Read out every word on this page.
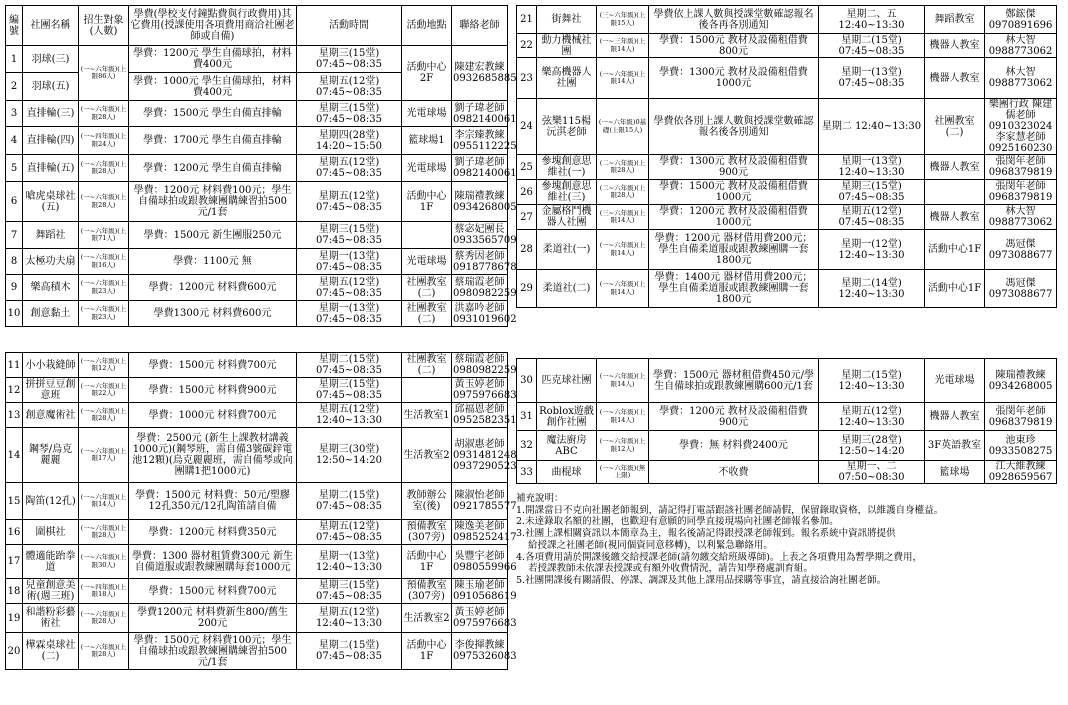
編號	社團名稱	招生對象(人數)	學費(學校支付鐘點費與行政費用)其它費用(授課使用各項費用商洽社團老師或自備)	活動時間	活動地點	聯絡老師
1	羽球(三)	(一~六年級)(上限86人)	學費：1200元 學生自備球拍，材料費400元	星期三(15堂) 07:45~08:35	活動中心2F	陳建宏教練 0932685885
2	羽球(五)		學費：1000元 學生自備球拍，材料費400元	星期五(12堂) 07:45~08:35		
3	直排輪(三)	(一~六年級)(上限28人)	學費：1500元 學生自備直排輪	星期三(15堂) 07:45~08:35	光電球場	劉子瑋老師 0982140061
4	直排輪(四)	(一~四年級)(上限24人)	學費：1700元 學生自備直排輪	星期四(28堂) 14:20~15:50	籃球場1	李宗臻教練 0955112225
5	直排輪(五)	(一~六年級)(上限28人)	學費：1200元 學生自備直排輪	星期五(12堂) 07:45~08:35	光電球場	劉子瑋老師 0982140061
6	嗆虎桌球社(五)	(一~六年級)(上限28人)	學費：1200元 材料費100元；學生自備球拍或跟教練團購練習拍500元/1套	星期五(12堂) 07:45~08:35	活動中心1F	陳瑞禮教練 0934268005
7	舞蹈社	(一~六年級)(上限71人)	學費：1500元 新生團服250元	星期三(15堂) 07:45~08:35		蔡宓妃團長 0933565709
8	太極功夫扇	(一~六年級)(上限16人)	學費：1100元 無	星期一(13堂) 07:45~08:35	光電球場	蔡秀因老師 0918778678
9	樂高積木	(一~六年級)(上限23人)	學費：1200元 材料費600元	星期五(12堂) 07:45~08:35	社團教室(二)	蔡瑞霞老師 0980982259
10	創意黏土	(一~六年級)(上限23人)	學費1300元 材料費600元	星期一(13堂) 07:45~08:35	社團教室(二)	洪嘉吟老師 0931019602
11	小小栽縫師	(一~六年級)(上限12人)	學費：1500元 材料費700元	星期二(15堂) 07:45~08:35	社團教室(二)	蔡瑞霞老師 0980982259
12	拼拼豆豆創意班	(一~六年級)(上限22人)	學費：1500元 材料費900元	星期三(15堂) 07:45~08:35		黃玉婷老師 0975976683
13	創意魔術社	(一~六年級)(上限28人)	學費：1000元 材料費700元	星期五(12堂) 12:40~13:30	生活教室1	邱福恩老師 0952582351
14	鋼琴/烏克麗麗	(一~六年級)(上限17人)	學費：2500元 (新生上課教材講義1000元)(鋼琴班，需自備3號碳鋅電池12顆)(烏克麗麗班，需自備琴或向團購1把1000元)	星期三(30堂) 12:50~14:20	生活教室2	胡淑惠老師 0931481248 0937290523
15	陶笛(12孔)	(一~六年級)(上限14人)	學費：1500元 材料費：50元/塑膠12孔350元/12孔陶笛請自備	星期二(15堂) 07:45~08:35	教師辦公室(後)	陳淑怡老師 0921785577
16	圍棋社	(一~六年級)(上限28人)	學費：1200元 材料費350元	星期五(12堂) 07:45~08:35	預備教室(307旁)	陳逸美老師 0985252417
17	體適能跆拳道	(一~六年級)(上限30人)	學費：1300 器材租賃費300元 新生自備道服或跟教練團購每套1000元	星期一(13堂) 12:40~13:30	活動中心1F	吳豐宇老師 0980559966
18	兒童創意美術(週三班)	(一~四年級)(上限18人)	學費：1500元 材料費700元	星期三(15堂) 07:45~08:35	預備教室(307旁)	陳玉瑜老師 0910568619
19	和諧粉彩藝術社	(一~六年級)(上限28人)	學費1200元 材料費新生800/舊生200元	星期五(12堂) 12:40~13:30	生活教室2	黃玉婷老師 0975976683
20	樺霖桌球社(二)	(一~六年級)(上限28人)	學費：1500元 材料費100元；學生自備球拍或跟教練團購練習拍500元/1套	星期二(15堂) 07:45~08:35	活動中心1F	李俊揮教練 0975326083
21	街舞社	(三~六年級)(上限15人)	學費依上課人數與授課堂數確認報名後各再各別通知	星期二、五 12:40~13:30	舞蹈教室	鄭鋐傑 0970891696
22	動力機械社團	(一~三年級)(上限14人)	學費：1500元 教材及設備租借費800元	星期二(15堂) 07:45~08:35	機器人教室	林大智 0988773062
23	樂高機器人社團	(一~六年級)(上限14人)	學費：1300元 教材及設備租借費1000元	星期一(13堂) 07:45~08:35	機器人教室	林大智 0988773062
24	弦樂115楊沅淇老師	(一~六年級)0基礎(上限15人)	學費依各別上課人數與授課堂數確認報名後各別通知	星期二 12:40~13:30	社團教室(二)	樂團行政 陳建儒老師 0910323024 李家慧老師 0925160230
25	參塊創意思維社(一)	(二~六年級)(上限28人)	學費：1300元 教材及設備租借費900元	星期一(13堂) 12:40~13:30	機器人教室	張閔年老師 0968379819
26	參塊創意思維社(三)	(二~六年級)(上限28人)	學費：1500元 教材及設備租借費1000元	星期三(15堂) 07:45~08:35		張閔年老師 0968379819
27	金屬格鬥機器人社團	(三~六年級)(上限14人)	學費：1200元 教材及設備租借費1000元	星期五(12堂) 07:45~08:35	機器人教室	林大智 0988773062
28	柔道社(一)	(一~六年級)(上限14人)	學費：1200元 器材借用費200元；學生自備柔道服或跟教練團購一套1800元	星期一(12堂) 12:40~13:30	活動中心1F	馮冠傑 0973088677
29	柔道社(二)	(一~六年級)(上限14人)	學費：1400元 器材借用費200元；學生自備柔道服或跟教練團購一套1800元	星期二(14堂) 12:40~13:30	活動中心1F	馮冠傑 0973088677
30	匹克球社團	(一~六年級)(上限14人)	學費：1500元 器材租借費450元/學生自備球拍或跟教練團購600元/1套	星期二(15堂) 12:40~13:30	光電球場	陳瑞禮教練 0934268005
31	Roblox遊戲創作社團	(一~六年級)(上限14人)	學費：1200元 教材及設備租借費900元	星期五(12堂) 12:40~13:30	機器人教室	張閔年老師 0968379819
32	魔法廚房ABC	(一~六年級)(上限12人)	學費：無 材料費2400元	星期三(28堂) 12:50~14:20	3F英語教室	池東珍 0933508275
33	曲棍球	(一~六年級)(無上限)	不收費	星期一、二 07:50~08:30	籃球場	江大維教練 0928659567
補充說明：
1.開課當日不克向社團老師報到，請記得打電話跟該社團老師請假，保留錄取資格，以維護自身權益。
2.未達錄取名額的社團，也歡迎有意願的同學直接現場向社團老師報名參加。
3.社團上課相關資訊以本簡章為主，報名後請記得跟授課老師報到。報名系統中資訊將提供
給授課之社團老師(視同個資同意移轉)，以利緊急聯絡用。
4.各項費用請於開課後繳交給授課老師(請勿繳交給班級導師)。上表之各項費用為暫學期之費用，
若授課教師未依課表授課或有額外收費情況，請告知學務處訓育組。
5.社團開課後有關請假、停課、調課及其他上課用品採購等事宜，請直接洽詢社團老師。
